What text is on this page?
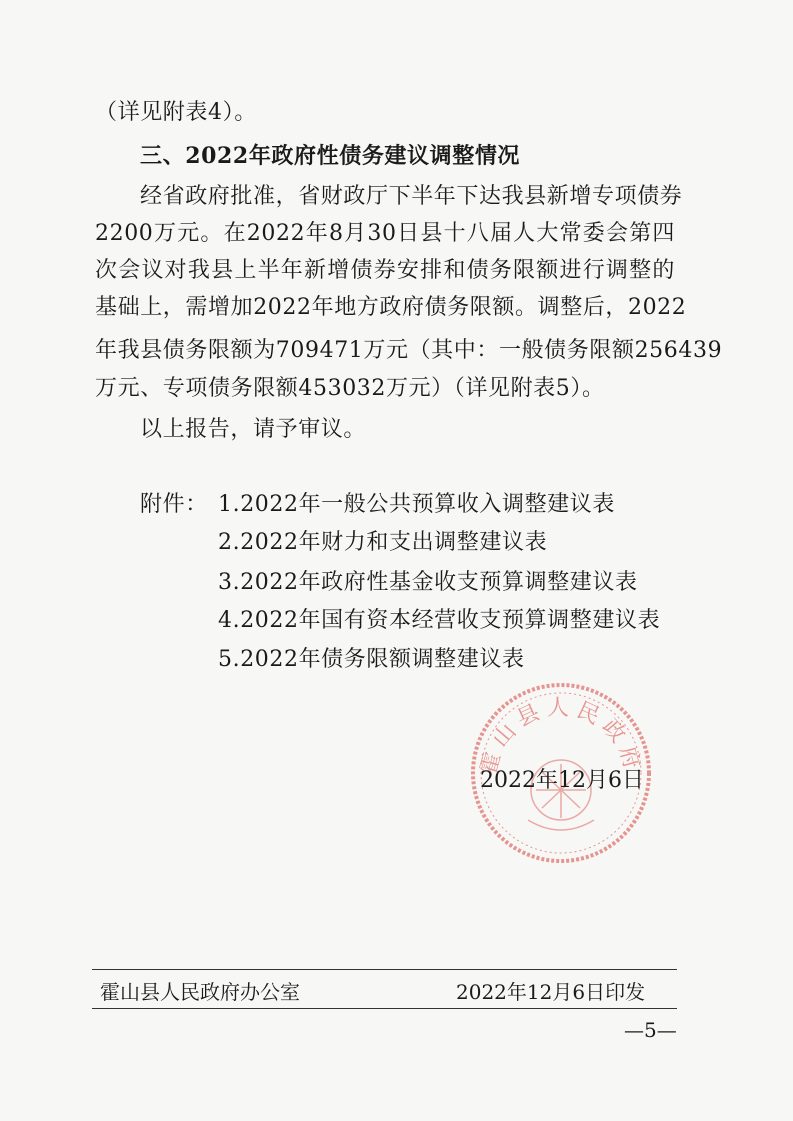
（详见附表4）。
三、2022年政府性债务建议调整情况
经省政府批准，省财政厅下半年下达我县新增专项债券
2200万元。在2022年8月30日县十八届人大常委会第四
次会议对我县上半年新增债券安排和债务限额进行调整的
基础上，需增加2022年地方政府债务限额。调整后，2022
年我县债务限额为709471万元（其中：一般债务限额256439
万元、专项债务限额453032万元）（详见附表5）。
以上报告，请予审议。
附件： 1.2022年一般公共预算收入调整建议表
2.2022年财力和支出调整建议表
3.2022年政府性基金收支预算调整建议表
4.2022年国有资本经营收支预算调整建议表
5.2022年债务限额调整建议表
霍山县人民政府
2022年12月6日
霍山县人民政府办公室	2022年12月6日印发
—5—
